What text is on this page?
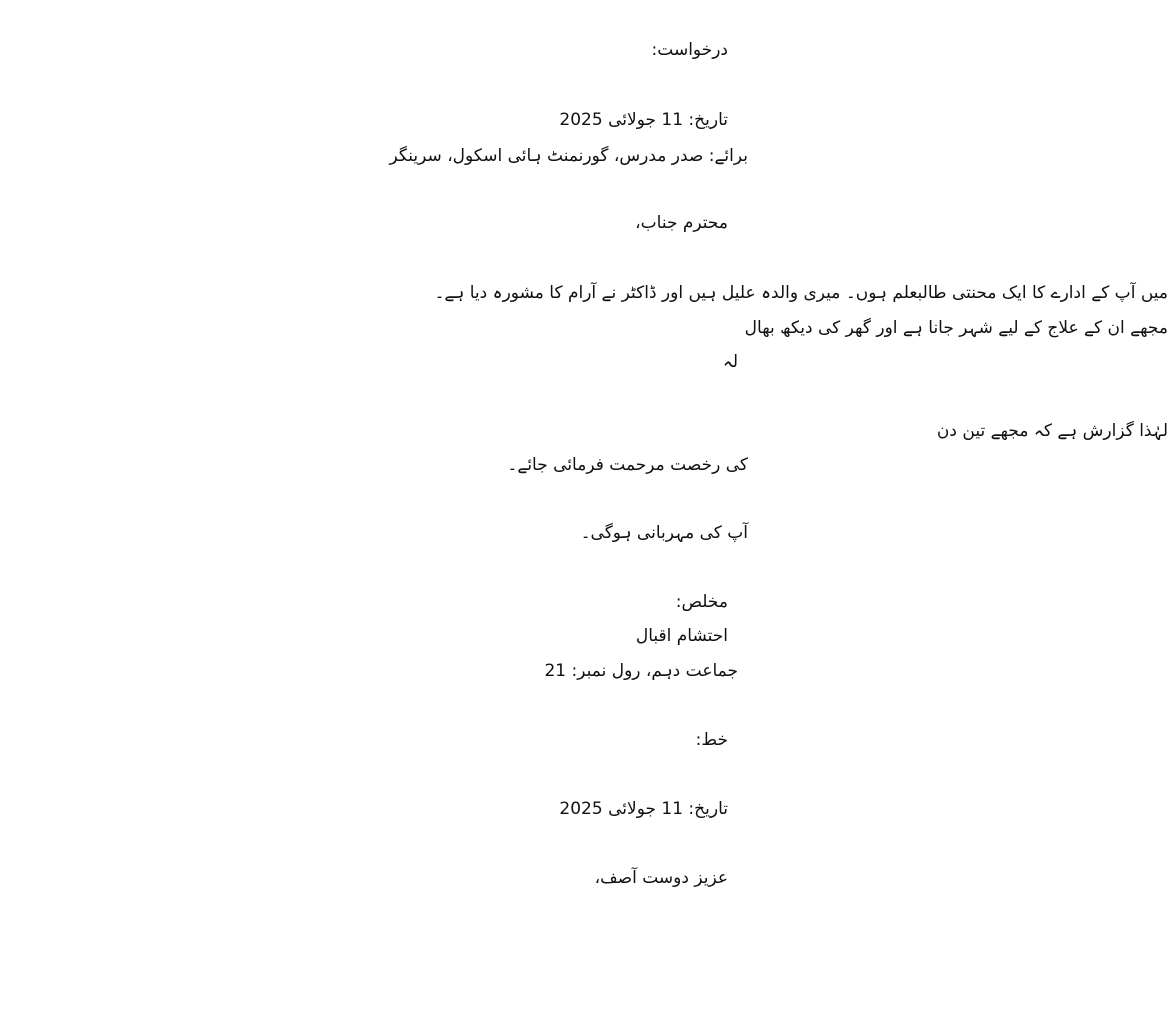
درخواست:
تاریخ: 11 جولائی 2025
برائے: صدر مدرس، گورنمنٹ ہائی اسکول، سرینگر
محترم جناب،
میں آپ کے ادارے کا ایک محنتی طالبعلم ہوں۔ میری والدہ علیل ہیں اور ڈاکٹر نے آرام کا مشورہ دیا ہے۔
مجھے ان کے علاج کے لیے شہر جانا ہے اور گھر کی دیکھ بھال
لہ
لہٰذا گزارش ہے کہ مجھے تین دن
کی رخصت مرحمت فرمائی جائے۔
آپ کی مہربانی ہوگی۔
مخلص:
احتشام اقبال
جماعت دہم، رول نمبر: 21
خط:
تاریخ: 11 جولائی 2025
عزیز دوست آصف،
